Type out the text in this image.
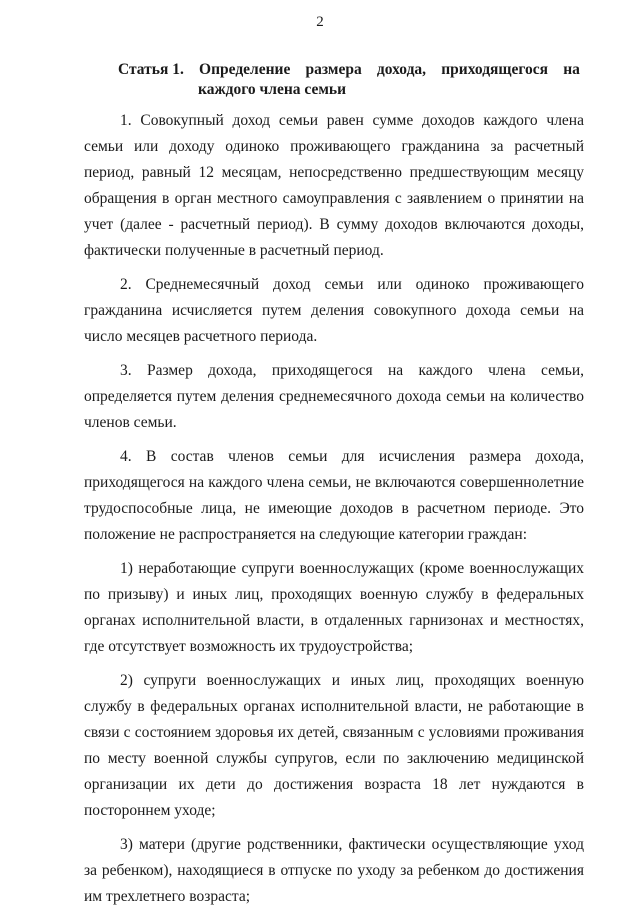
2
Статья 1. Определение размера дохода, приходящегося на
каждого члена семьи

1. Совокупный доход семьи равен сумме доходов каждого члена семьи или доходу одиноко проживающего гражданина за расчетный период, равный 12 месяцам, непосредственно предшествующим месяцу обращения в орган местного самоуправления с заявлением о принятии на учет (далее - расчетный период). В сумму доходов включаются доходы, фактически полученные в расчетный период.

2. Среднемесячный доход семьи или одиноко проживающего гражданина исчисляется путем деления совокупного дохода семьи на число месяцев расчетного периода.

3. Размер дохода, приходящегося на каждого члена семьи, определяется путем деления среднемесячного дохода семьи на количество членов семьи.

4. В состав членов семьи для исчисления размера дохода, приходящегося на каждого члена семьи, не включаются совершеннолетние трудоспособные лица, не имеющие доходов в расчетном периоде. Это положение не распространяется на следующие категории граждан:

1) неработающие супруги военнослужащих (кроме военнослужащих по призыву) и иных лиц, проходящих военную службу в федеральных органах исполнительной власти, в отдаленных гарнизонах и местностях, где отсутствует возможность их трудоустройства;

2) супруги военнослужащих и иных лиц, проходящих военную службу в федеральных органах исполнительной власти, не работающие в связи с состоянием здоровья их детей, связанным с условиями проживания по месту военной службы супругов, если по заключению медицинской организации их дети до достижения возраста 18 лет нуждаются в постороннем уходе;

3) матери (другие родственники, фактически осуществляющие уход за ребенком), находящиеся в отпуске по уходу за ребенком до достижения им трехлетнего возраста;
